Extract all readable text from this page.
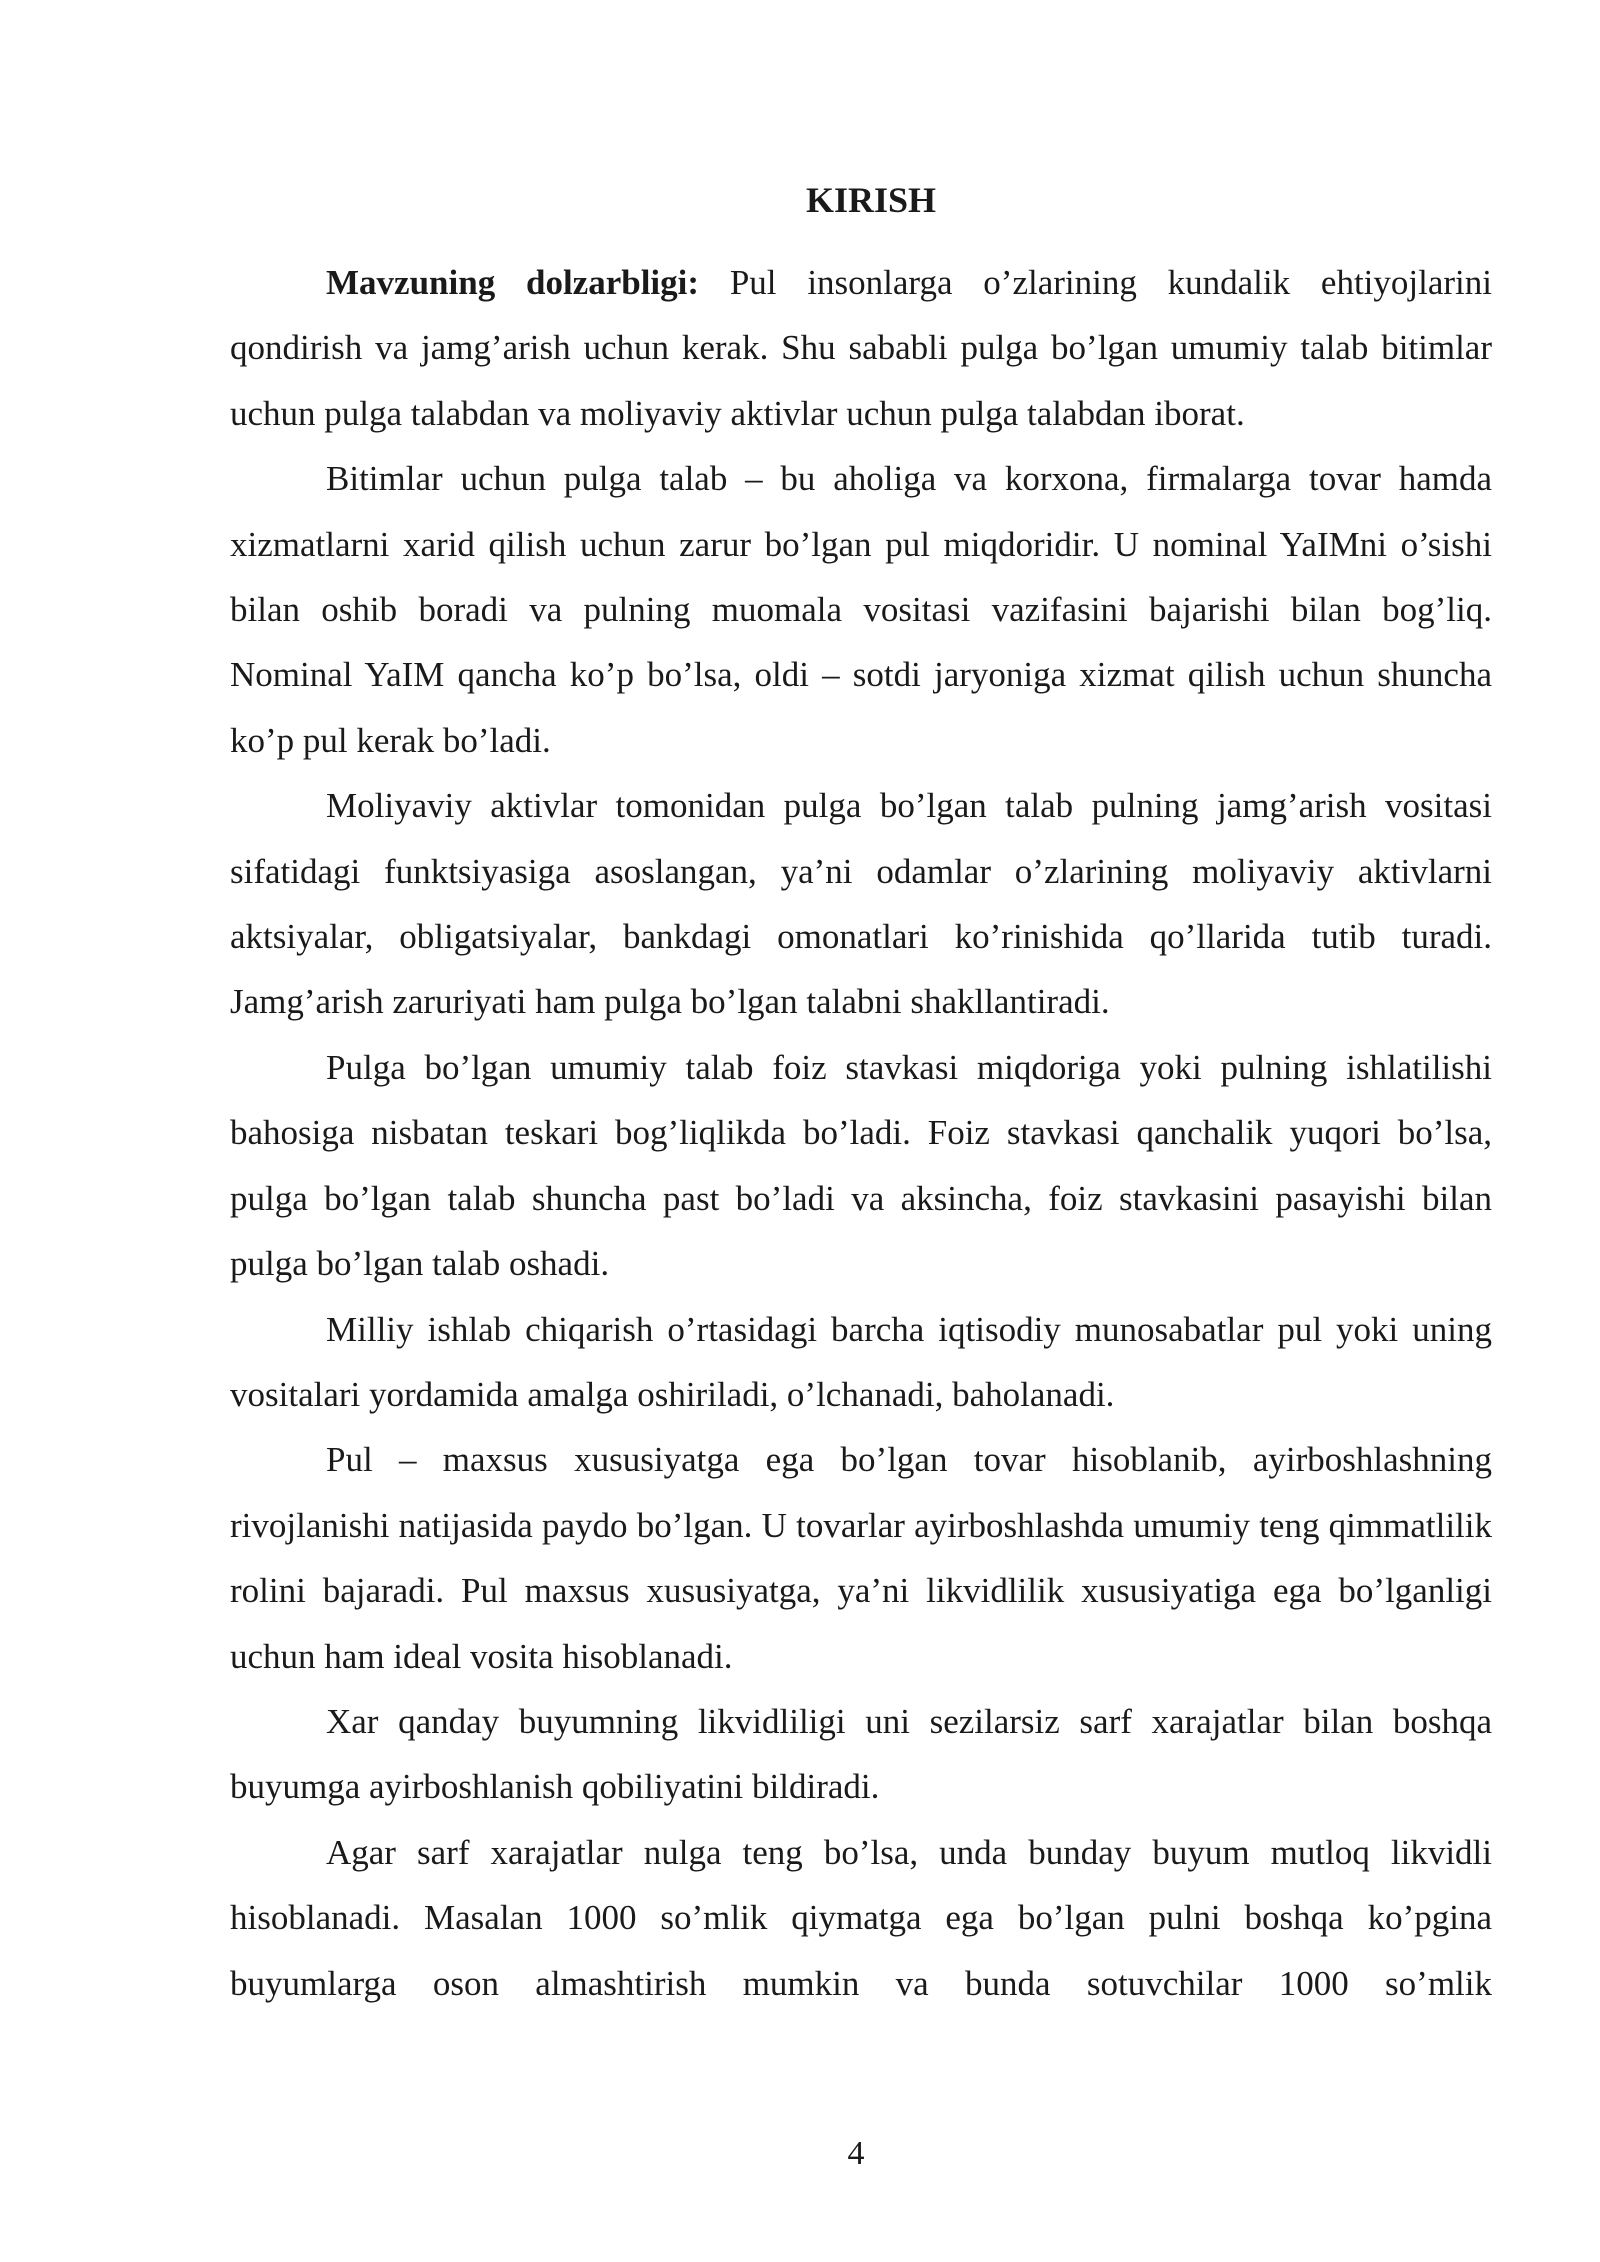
KIRISH

Mavzuning dolzarbligi: Pul insonlarga o’zlarining kundalik ehtiyojlarini qondirish va jamg’arish uchun kerak. Shu sababli pulga bo’lgan umumiy talab bitimlar uchun pulga talabdan va moliyaviy aktivlar uchun pulga talabdan iborat.

Bitimlar uchun pulga talab – bu aholiga va korxona, firmalarga tovar hamda xizmatlarni xarid qilish uchun zarur bo’lgan pul miqdoridir. U nominal YaIMni o’sishi bilan oshib boradi va pulning muomala vositasi vazifasini bajarishi bilan bog’liq. Nominal YaIM qancha ko’p bo’lsa, oldi – sotdi jaryoniga xizmat qilish uchun shuncha ko’p pul kerak bo’ladi.

Moliyaviy aktivlar tomonidan pulga bo’lgan talab pulning jamg’arish vositasi sifatidagi funktsiyasiga asoslangan, ya’ni odamlar o’zlarining moliyaviy aktivlarni aktsiyalar, obligatsiyalar, bankdagi omonatlari ko’rinishida qo’llarida tutib turadi. Jamg’arish zaruriyati ham pulga bo’lgan talabni shakllantiradi.

Pulga bo’lgan umumiy talab foiz stavkasi miqdoriga yoki pulning ishlatilishi bahosiga nisbatan teskari bog’liqlikda bo’ladi. Foiz stavkasi qanchalik yuqori bo’lsa, pulga bo’lgan talab shuncha past bo’ladi va aksincha, foiz stavkasini pasayishi bilan pulga bo’lgan talab oshadi.

Milliy ishlab chiqarish o’rtasidagi barcha iqtisodiy munosabatlar pul yoki uning vositalari yordamida amalga oshiriladi, o’lchanadi, baholanadi.

Pul – maxsus xususiyatga ega bo’lgan tovar hisoblanib, ayirboshlashning rivojlanishi natijasida paydo bo’lgan. U tovarlar ayirboshlashda umumiy teng qimmatlilik rolini bajaradi. Pul maxsus xususiyatga, ya’ni likvidlilik xususiyatiga ega bo’lganligi uchun ham ideal vosita hisoblanadi.

Xar qanday buyumning likvidliligi uni sezilarsiz sarf xarajatlar bilan boshqa buyumga ayirboshlanish qobiliyatini bildiradi.

Agar sarf xarajatlar nulga teng bo’lsa, unda bunday buyum mutloq likvidli hisoblanadi. Masalan 1000 so’mlik qiymatga ega bo’lgan pulni boshqa ko’pgina buyumlarga oson almashtirish mumkin va bunda sotuvchilar 1000 so’mlik

4
